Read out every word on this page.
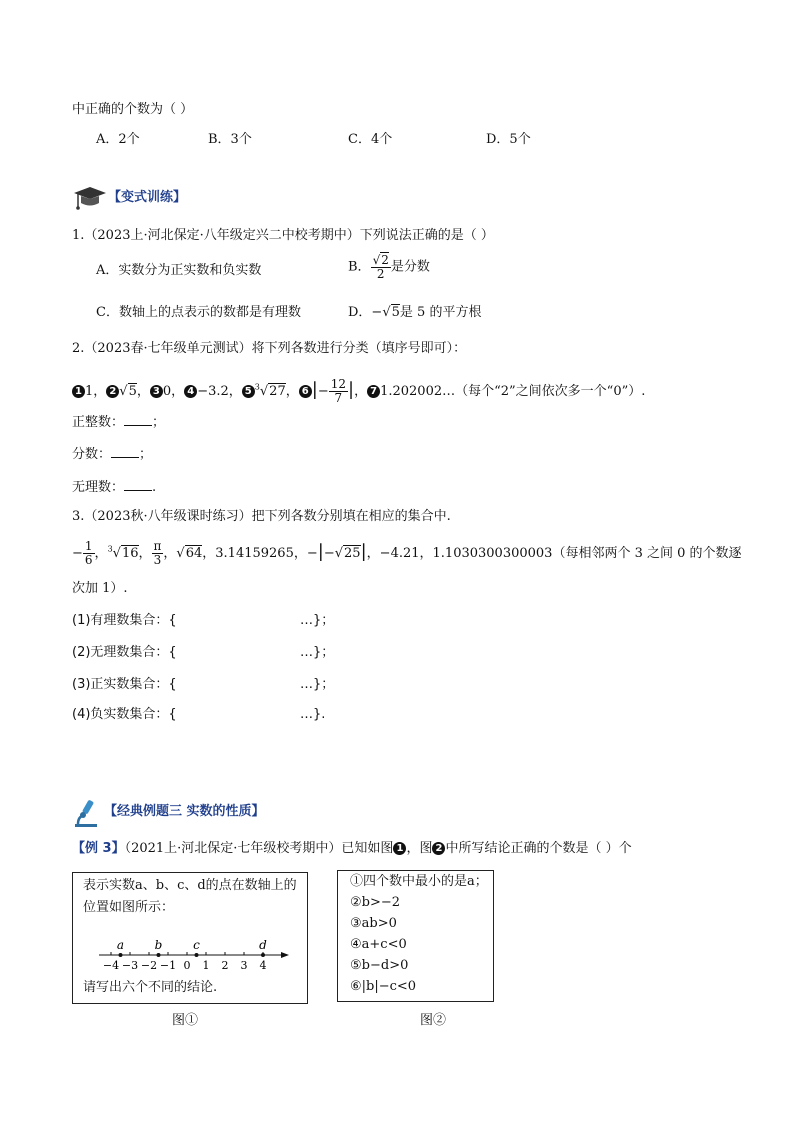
中正确的个数为（ ）
A．2个	B．3个	C．4个	D．5个
【变式训练】
1.（2023上·河北保定·八年级定兴二中校考期中）下列说法正确的是（ ）
A．实数分为正实数和负实数	B． $\frac{√2}{2}$ 是分数
C．数轴上的点表示的数都是有理数	D．−√5是 5 的平方根
2.（2023春·七年级单元测试）将下列各数进行分类（填序号即可）：
1 1， 2 √5， 3 0， 4 −3.2， 5 $^3$√27， 6 |− $\frac{12}{7}$ |， 7 1.202002…（每个“2”之间依次多一个“0”）.
正整数： ；
分数： ；
无理数： .
3.（2023秋·八年级课时练习）把下列各数分别填在相应的集合中.
− $\frac{1}{6}$ ，$^3$√16， $\frac{\pi}{3}$ ，√64，3.14159265，−|−√25|，−4.21，1.1030300300003（每相邻两个 3 之间 0 的个数逐
次加 1）.
(1)有理数集合：{	…}；
(2)无理数集合：{	…}；
(3)正实数集合：{	…}；
(4)负实数集合：{	…}.
【经典例题三 实数的性质】
【例 3】（2021上·河北保定·七年级校考期中）已知如图 1 ，图 2 中所写结论正确的个数是（ ）个
表示实数a、b、c、d的点在数轴上的
位置如图所示：
−4 −3 −2 −1 0 1 2 3 4
a	b	c	d
请写出六个不同的结论.
图①
①四个数中最小的是a；
②b>−2
③ab>0
④a+c<0
⑤b−d>0
⑥|b|−c<0
图②
